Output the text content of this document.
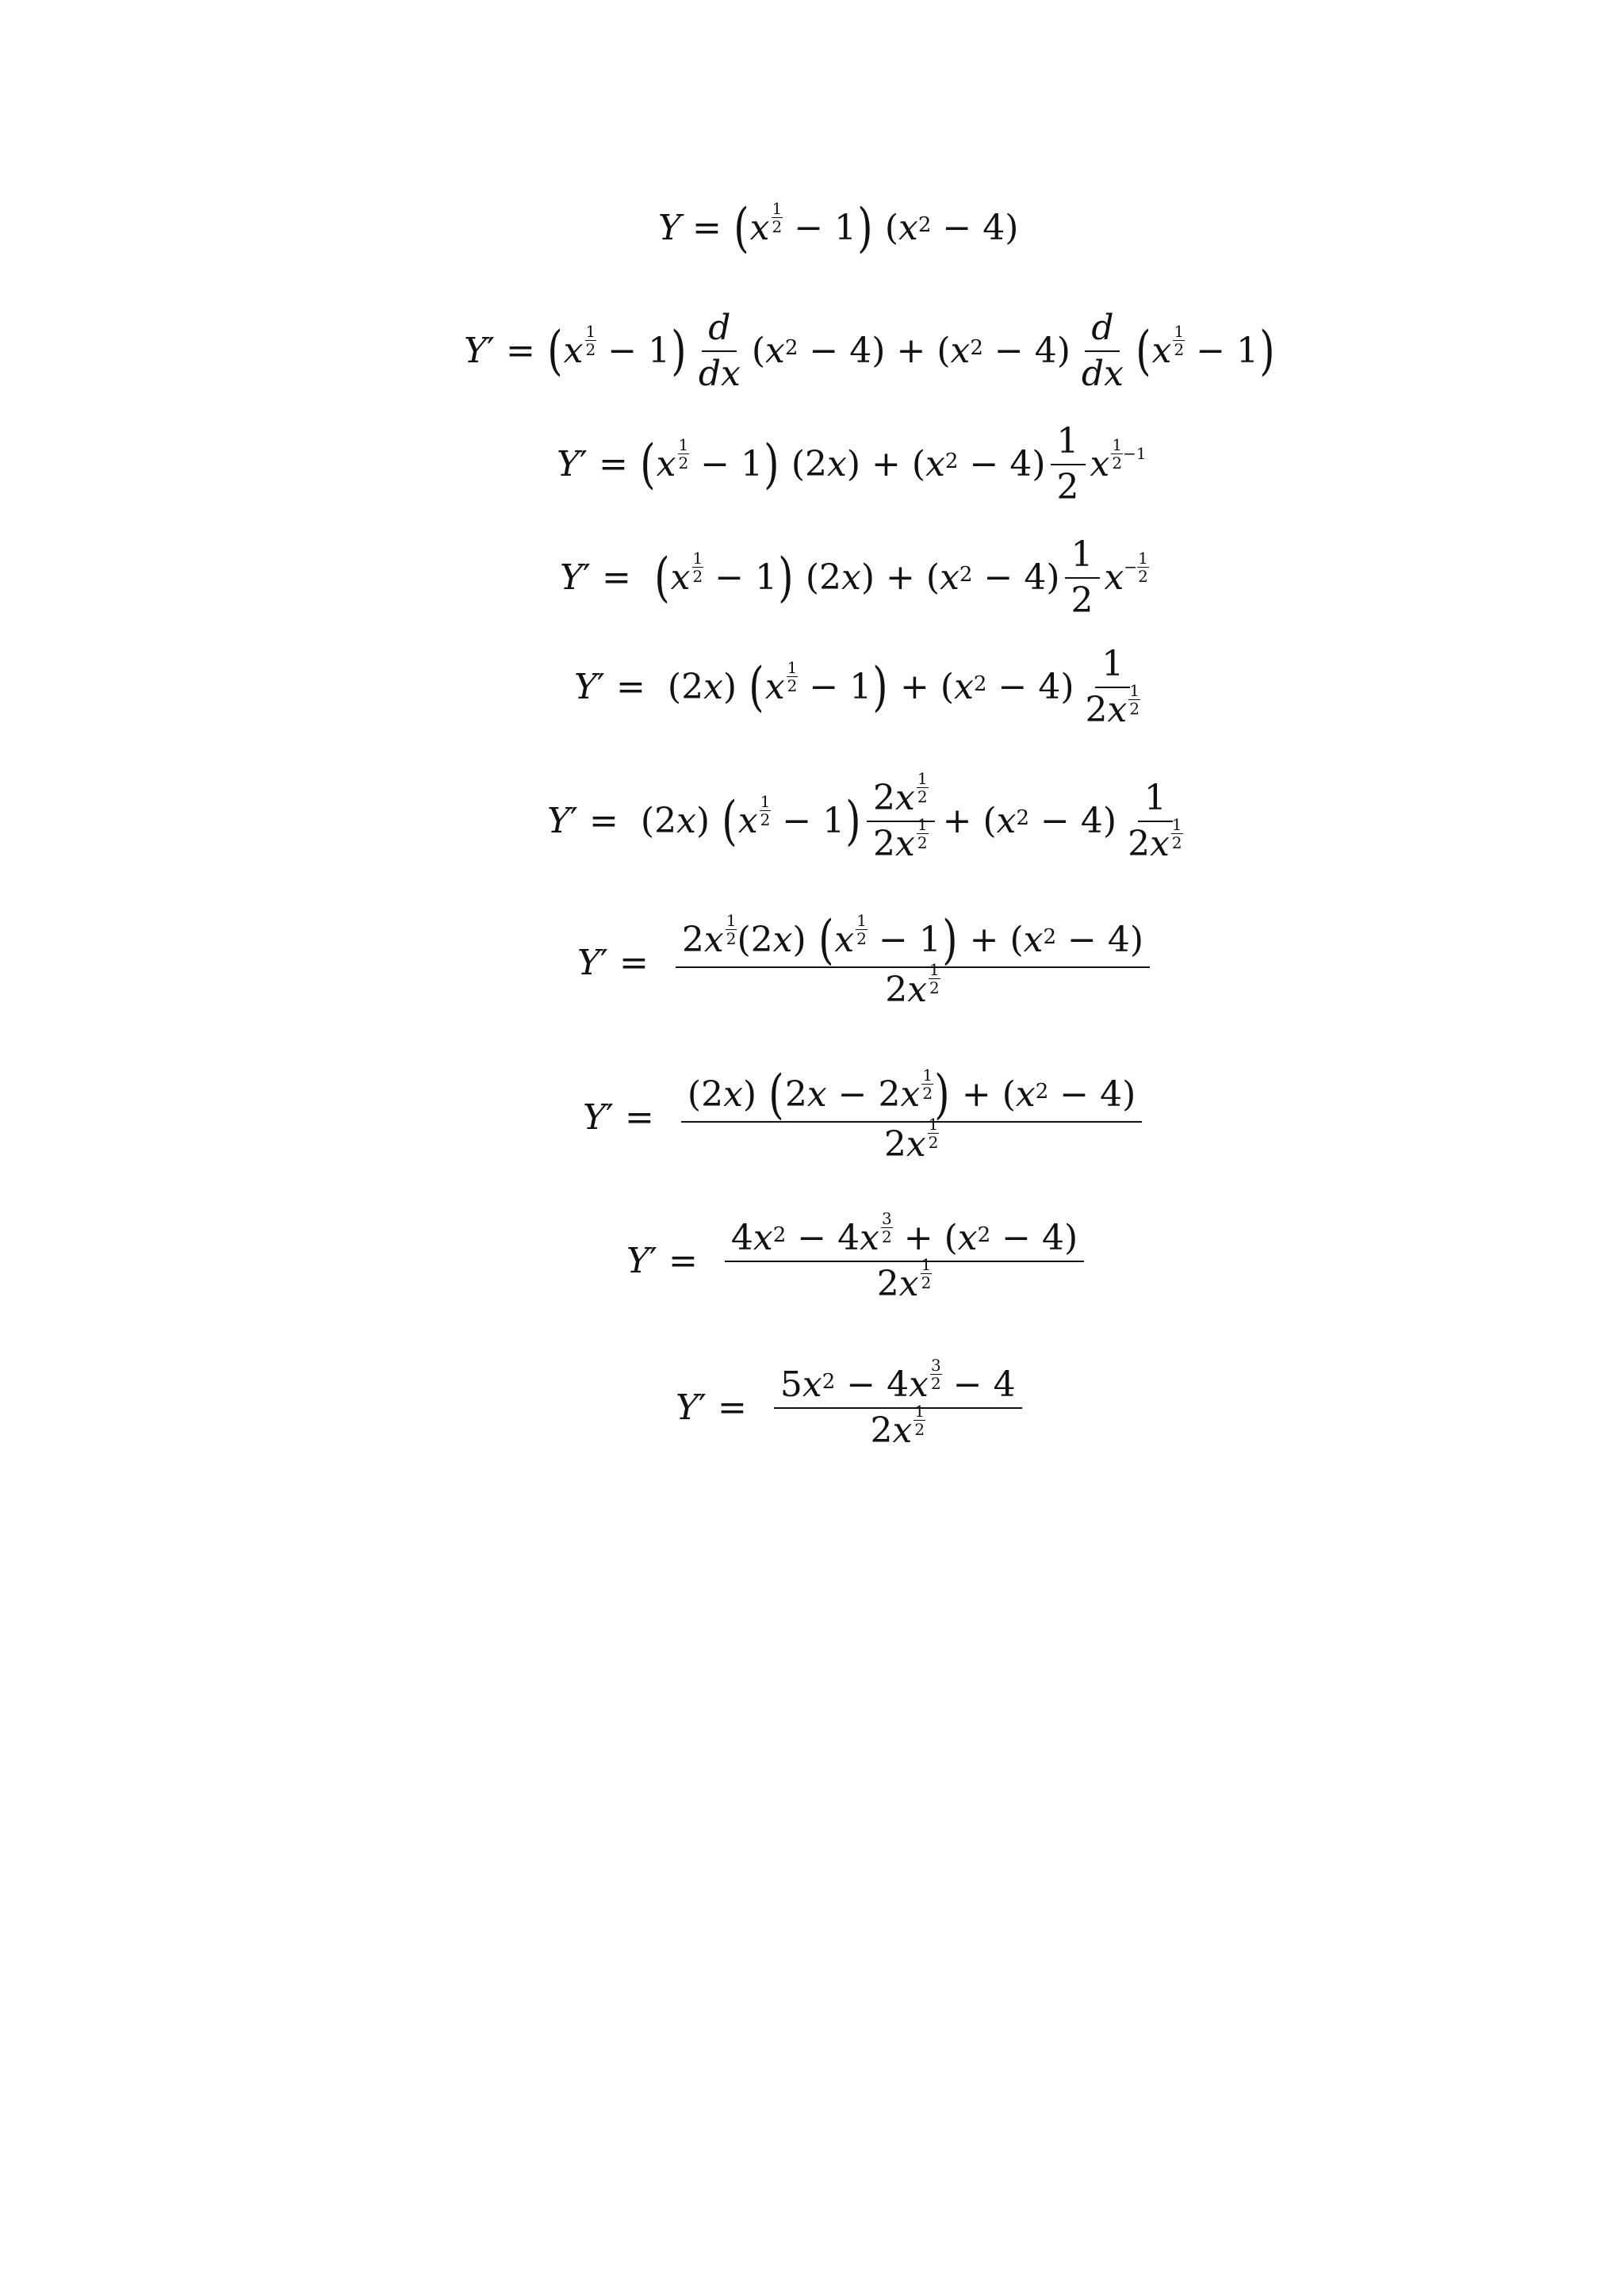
Y = ( x 1
2 − 1 ) ( x 2 − 4)
Y ′ = ( x 1
2 − 1 ) $\frac{d}{dx}$ ( x 2 − 4) + ( x $2 - 4) \frac{d}{dx}$ ( x 1
2 − 1 )
Y ′ = ( x 1
2 − 1 ) (2 x ) + ( x $2 - 4) \frac{1}{2}$ x 1
2 −1
Y ′ = ( x 1
2 − 1 ) (2 x ) + ( x $2 - 4) \frac{1}{2}$ $x - \frac{1}{2}$
Y ′ = (2 x ) ( x 1
2 − 1 ) + ( x 2 − 4) 1
2 x 1
2
Y ′ = (2 x ) ( x 1
2 − 1 ) 2 x 1
2
2 x 1
2 + ( x 2 − 4) 1
2 x 1
2
Y ′ = 2 x 1
2 (2 x ) ( x 1
2 − 1 ) + ( x 2 − 4)
2 x 1
2
Y ′ = (2 x ) ( 2 x − 2 x 1
2 ) + ( x 2 − 4)
2 x 1
2
Y ′ = 4 x 2 − 4 x 3
2 + ( x 2 − 4)
2 x 1
2
Y ′ = 5 x 2 − 4 x 3
2 − 4
2 x 1
2
